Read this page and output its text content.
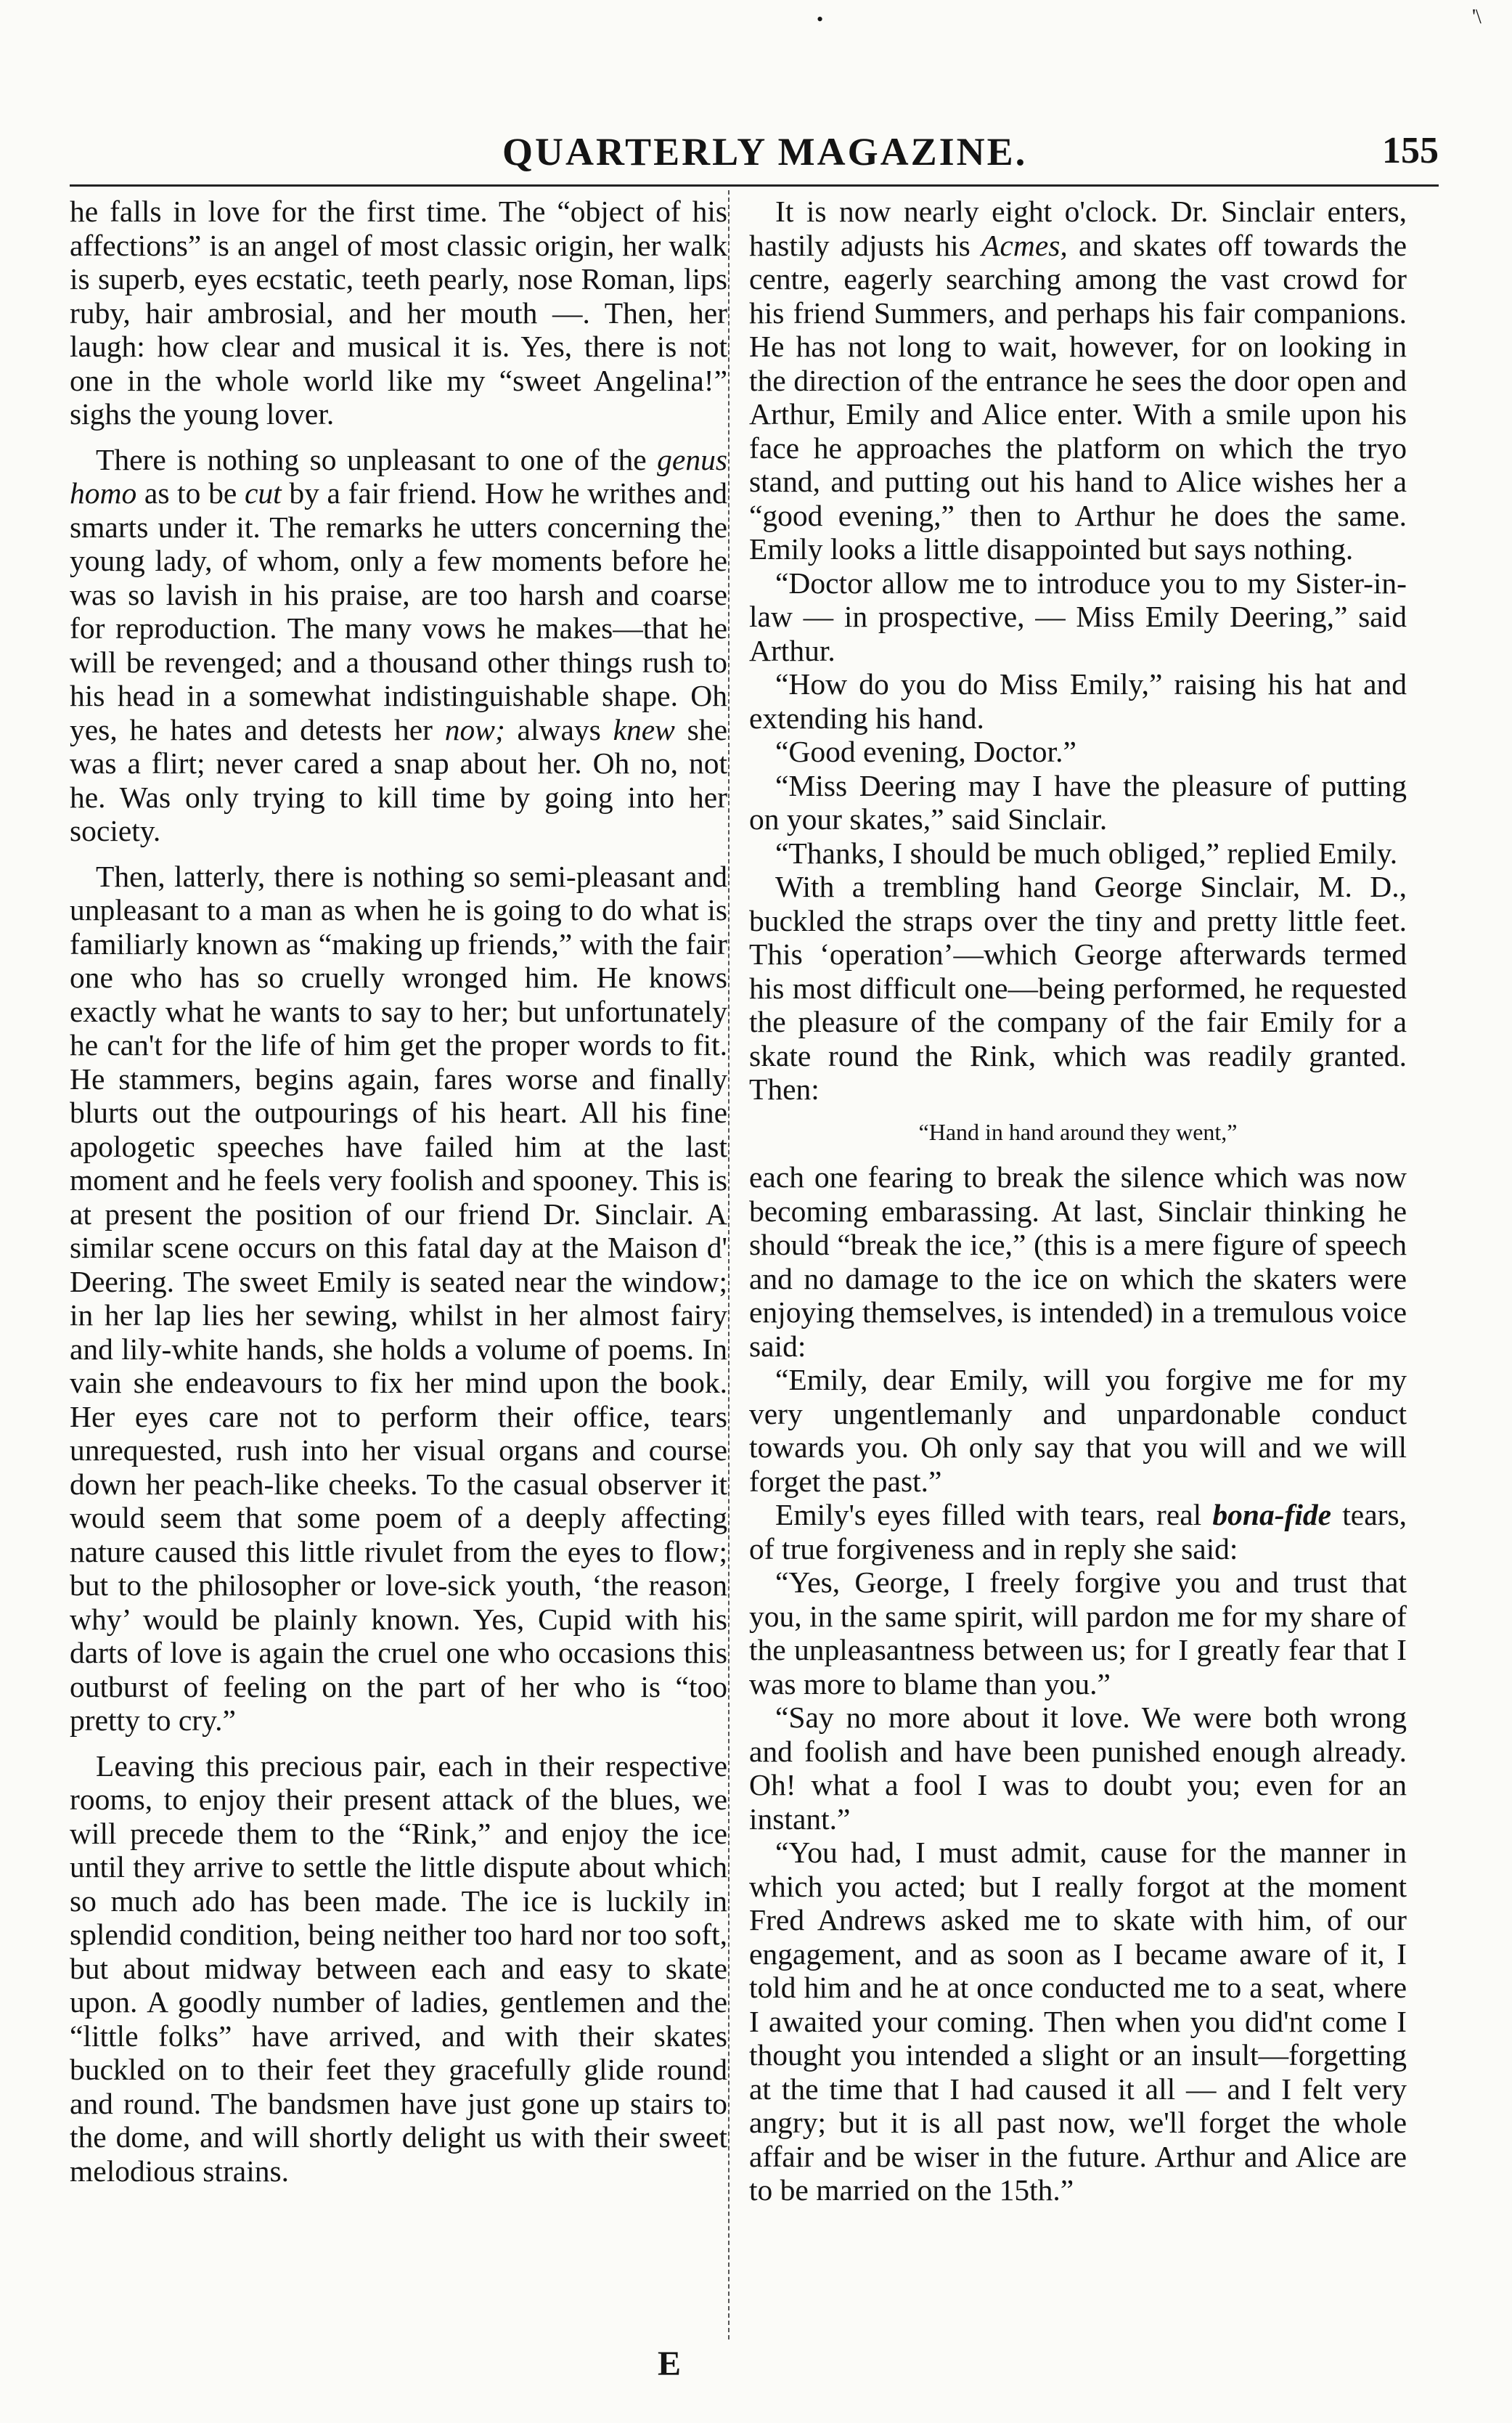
•	'\
QUARTERLY MAGAZINE.	155

he falls in love for the first time. The “object of his affections” is an angel of most classic origin, her walk is superb, eyes ecstatic, teeth pearly, nose Roman, lips ruby, hair ambrosial, and her mouth —. Then, her laugh: how clear and musical it is. Yes, there is not one in the whole world like my “sweet Angelina!” sighs the young lover.

There is nothing so unpleasant to one of the genus homo as to be cut by a fair friend. How he writhes and smarts under it. The remarks he utters concerning the young lady, of whom, only a few moments before he was so lavish in his praise, are too harsh and coarse for reproduction. The many vows he makes—that he will be revenged; and a thousand other things rush to his head in a somewhat indistinguishable shape. Oh yes, he hates and detests her now; always knew she was a flirt; never cared a snap about her. Oh no, not he. Was only trying to kill time by going into her society.

Then, latterly, there is nothing so semi-pleasant and unpleasant to a man as when he is going to do what is familiarly known as “making up friends,” with the fair one who has so cruelly wronged him. He knows exactly what he wants to say to her; but unfortunately he can't for the life of him get the proper words to fit. He stammers, begins again, fares worse and finally blurts out the outpourings of his heart. All his fine apologetic speeches have failed him at the last moment and he feels very foolish and spooney. This is at present the position of our friend Dr. Sinclair. A similar scene occurs on this fatal day at the Maison d' Deering. The sweet Emily is seated near the window; in her lap lies her sewing, whilst in her almost fairy and lily-white hands, she holds a volume of poems. In vain she endeavours to fix her mind upon the book. Her eyes care not to perform their office, tears unrequested, rush into her visual organs and course down her peach-like cheeks. To the casual observer it would seem that some poem of a deeply affecting nature caused this little rivulet from the eyes to flow; but to the philosopher or love-sick youth, ‘the reason why’ would be plainly known. Yes, Cupid with his darts of love is again the cruel one who occasions this outburst of feeling on the part of her who is “too pretty to cry.”

Leaving this precious pair, each in their respective rooms, to enjoy their present attack of the blues, we will precede them to the “Rink,” and enjoy the ice until they arrive to settle the little dispute about which so much ado has been made. The ice is luckily in splendid condition, being neither too hard nor too soft, but about midway between each and easy to skate upon. A goodly number of ladies, gentlemen and the “little folks” have arrived, and with their skates buckled on to their feet they gracefully glide round and round. The bandsmen have just gone up stairs to the dome, and will shortly delight us with their sweet melodious strains.

It is now nearly eight o'clock. Dr. Sinclair enters, hastily adjusts his Acmes, and skates off towards the centre, eagerly searching among the vast crowd for his friend Summers, and perhaps his fair companions. He has not long to wait, however, for on looking in the direction of the entrance he sees the door open and Arthur, Emily and Alice enter. With a smile upon his face he approaches the platform on which the tryo stand, and putting out his hand to Alice wishes her a “good evening,” then to Arthur he does the same. Emily looks a little disappointed but says nothing.

“Doctor allow me to introduce you to my Sister-in-law — in prospective, — Miss Emily Deering,” said Arthur.

“How do you do Miss Emily,” raising his hat and extending his hand.

“Good evening, Doctor.”

“Miss Deering may I have the pleasure of putting on your skates,” said Sinclair.

“Thanks, I should be much obliged,” replied Emily.

With a trembling hand George Sinclair, M. D., buckled the straps over the tiny and pretty little feet. This ‘operation’—which George afterwards termed his most difficult one—being performed, he requested the pleasure of the company of the fair Emily for a skate round the Rink, which was readily granted. Then:

“Hand in hand around they went,”

each one fearing to break the silence which was now becoming embarassing. At last, Sinclair thinking he should “break the ice,” (this is a mere figure of speech and no damage to the ice on which the skaters were enjoying themselves, is intended) in a tremulous voice said:

“Emily, dear Emily, will you forgive me for my very ungentlemanly and unpardonable conduct towards you. Oh only say that you will and we will forget the past.”

Emily's eyes filled with tears, real bona-fide tears, of true forgiveness and in reply she said:

“Yes, George, I freely forgive you and trust that you, in the same spirit, will pardon me for my share of the unpleasantness between us; for I greatly fear that I was more to blame than you.”

“Say no more about it love. We were both wrong and foolish and have been punished enough already. Oh! what a fool I was to doubt you; even for an instant.”

“You had, I must admit, cause for the manner in which you acted; but I really forgot at the moment Fred Andrews asked me to skate with him, of our engagement, and as soon as I became aware of it, I told him and he at once conducted me to a seat, where I awaited your coming. Then when you did'nt come I thought you intended a slight or an insult—forgetting at the time that I had caused it all — and I felt very angry; but it is all past now, we'll forget the whole affair and be wiser in the future. Arthur and Alice are to be married on the 15th.”

E
